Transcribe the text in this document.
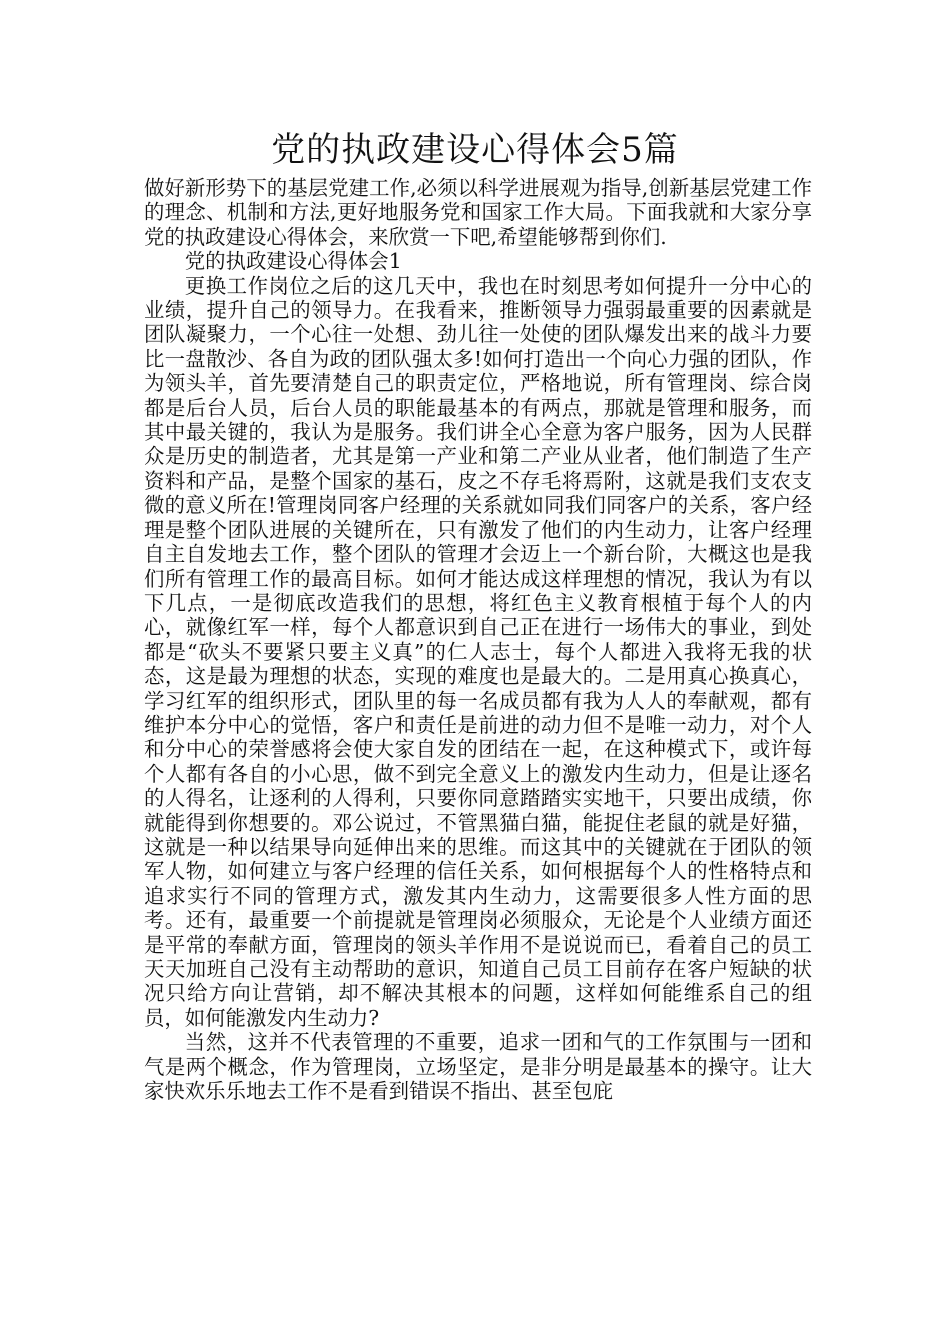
党的执政建设心得体会5篇

做好新形势下的基层党建工作,必须以科学进展观为指导,创新基层党建工作的理念、机制和方法,更好地服务党和国家工作大局。下面我就和大家分享党的执政建设心得体会，来欣赏一下吧,希望能够帮到你们.

党的执政建设心得体会1

更换工作岗位之后的这几天中，我也在时刻思考如何提升一分中心的业绩，提升自己的领导力。在我看来，推断领导力强弱最重要的因素就是团队凝聚力，一个心往一处想、劲儿往一处使的团队爆发出来的战斗力要比一盘散沙、各自为政的团队强太多!如何打造出一个向心力强的团队，作为领头羊，首先要清楚自己的职责定位，严格地说，所有管理岗、综合岗都是后台人员，后台人员的职能最基本的有两点，那就是管理和服务，而其中最关键的，我认为是服务。我们讲全心全意为客户服务，因为人民群众是历史的制造者，尤其是第一产业和第二产业从业者，他们制造了生产资料和产品，是整个国家的基石，皮之不存毛将焉附，这就是我们支农支微的意义所在!管理岗同客户经理的关系就如同我们同客户的关系，客户经理是整个团队进展的关键所在，只有激发了他们的内生动力，让客户经理自主自发地去工作，整个团队的管理才会迈上一个新台阶，大概这也是我们所有管理工作的最高目标。如何才能达成这样理想的情况，我认为有以下几点，一是彻底改造我们的思想，将红色主义教育根植于每个人的内心，就像红军一样，每个人都意识到自己正在进行一场伟大的事业，到处都是“砍头不要紧只要主义真”的仁人志士，每个人都进入我将无我的状态，这是最为理想的状态，实现的难度也是最大的。二是用真心换真心，学习红军的组织形式，团队里的每一名成员都有我为人人的奉献观，都有维护本分中心的觉悟，客户和责任是前进的动力但不是唯一动力，对个人和分中心的荣誉感将会使大家自发的团结在一起，在这种模式下，或许每个人都有各自的小心思，做不到完全意义上的激发内生动力，但是让逐名的人得名，让逐利的人得利，只要你同意踏踏实实地干，只要出成绩，你就能得到你想要的。邓公说过，不管黑猫白猫，能捉住老鼠的就是好猫，这就是一种以结果导向延伸出来的思维。而这其中的关键就在于团队的领军人物，如何建立与客户经理的信任关系，如何根据每个人的性格特点和追求实行不同的管理方式，激发其内生动力，这需要很多人性方面的思考。还有，最重要一个前提就是管理岗必须服众，无论是个人业绩方面还是平常的奉献方面，管理岗的领头羊作用不是说说而已，看着自己的员工天天加班自己没有主动帮助的意识，知道自己员工目前存在客户短缺的状况只给方向让营销，却不解决其根本的问题，这样如何能维系自己的组员，如何能激发内生动力?

当然，这并不代表管理的不重要，追求一团和气的工作氛围与一团和气是两个概念，作为管理岗，立场坚定，是非分明是最基本的操守。让大家快欢乐乐地去工作不是看到错误不指出、甚至包庇
